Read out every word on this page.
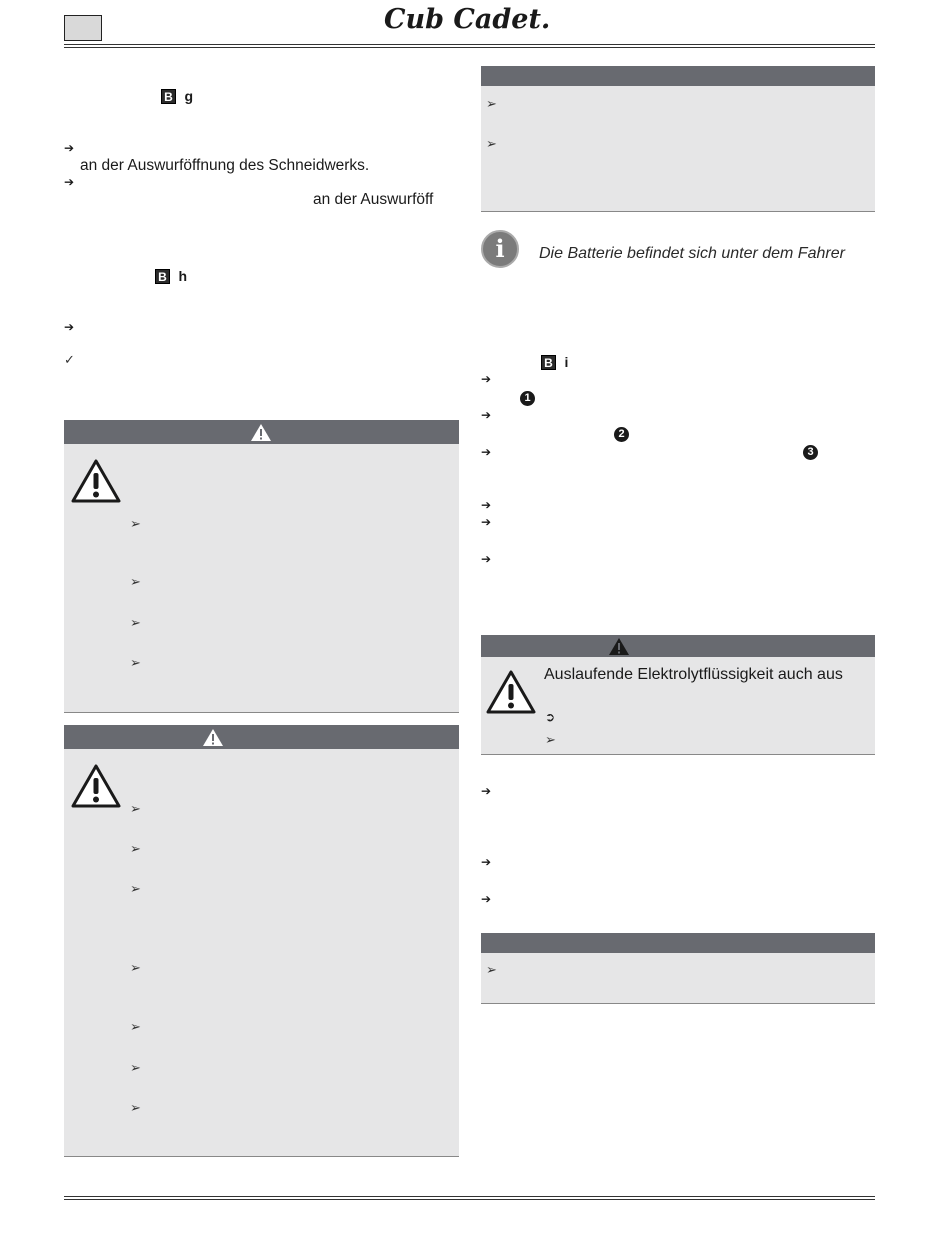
Cub Cadet.
B g
➔
an der Auswurföffnung des Schneidwerks.
➔
an der Auswurföff
B h
➔
✓
➢
➢
➢
➢
➢
➢
➢
➢
➢
➢
➢
➢
➢
i	Die Batterie befindet sich unter dem Fahrer
B i
➔
1
➔
2
➔	3
➔
➔
➔
Auslaufende Elektrolytflüssigkeit auch aus
➲
➢
➔
➔
➔
➢
